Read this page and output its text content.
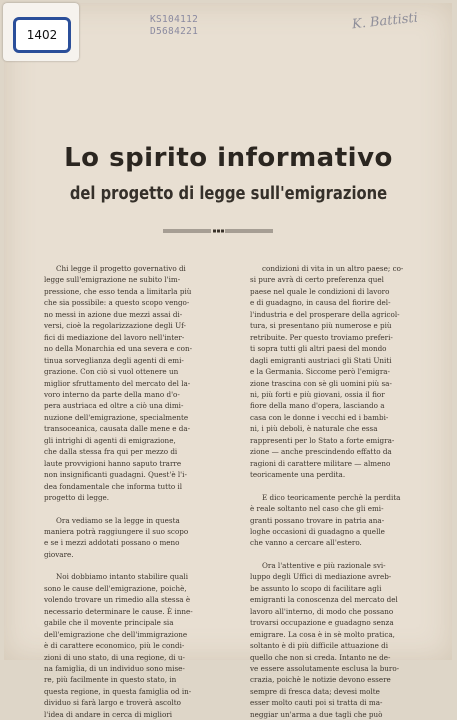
1402
KS104112
D5684221	K. Battisti
Lo spirito informativo
del progetto di legge sull'emigrazione

Chi legge il progetto governativo di
legge sull'emigrazione ne subito l'im-
pressione, che esso tenda a limitarla più
che sia possibile: a questo scopo vengo-
no messi in azione due mezzi assai di-
versi, cioè la regolarizzazione degli Uf-
fici di mediazione del lavoro nell'inter-
no della Monarchia ed una severa e con-
tinua sorveglianza degli agenti di emi-
grazione. Con ciò si vuol ottenere un
miglior sfruttamento del mercato del la-
voro interno da parte della mano d'o-
pera austriaca ed oltre a ciò una dimi-
nuzione dell'emigrazione, specialmente
transoceanica, causata dalle mene e da-
gli intrighi di agenti di emigrazione,
che dalla stessa fra qui per mezzo di
laute provvigioni hanno saputo trarre
non insignificanti guadagni. Quest'è l'i-
dea fondamentale che informa tutto il
progetto di legge.

Ora vediamo se la legge in questa
maniera potrà raggiungere il suo scopo
e se i mezzi addotati possano o meno
giovare.

Noi dobbiamo intanto stabilire quali
sono le cause dell'emigrazione, poichè,
volendo trovare un rimedio alla stessa è
necessario determinare le cause. È inne-
gabile che il movente principale sia
dell'emigrazione che dell'immigrazione
è di carattere economico, più le condi-
zioni di uno stato, di una regione, di u-
na famiglia, di un individuo sono mise-
re, più facilmente in questo stato, in
questa regione, in questa famiglia od in-
dividuo si farà largo e troverà ascolto
l'idea di andare in cerca di migliori

condizioni di vita in un altro paese; co-
si pure avrà di certo preferenza quel
paese nel quale le condizioni di lavoro
e di guadagno, in causa del fiorire del-
l'industria e del prosperare della agricol-
tura, si presentano più numerose e più
retribuite. Per questo troviamo preferi-
ti sopra tutti gli altri paesi del mondo
dagli emigranti austriaci gli Stati Uniti
e la Germania. Siccome però l'emigra-
zione trascina con sè gli uomini più sa-
ni, più forti e più giovani, ossia il fior
fiore della mano d'opera, lasciando a
casa con le donne i vecchi ed i bambi-
ni, i più deboli, è naturale che essa
rappresenti per lo Stato a forte emigra-
zione — anche prescindendo effatto da
ragioni di carattere militare — almeno
teoricamente una perdita.

E dico teoricamente perchè la perdita
è reale soltanto nel caso che gli emi-
granti possano trovare in patria ana-
loghe occasioni di guadagno a quelle
che vanno a cercare all'estero.

Ora l'attentive e più razionale svi-
luppo degli Uffici di mediazione avreb-
be assunto lo scopo di facilitare agli
emigranti la conoscenza del mercato del
lavoro all'interno, di modo che possano
trovarsi occupazione e guadagno senza
emigrare. La cosa è in sè molto pratica,
soltanto è di più difficile attuazione di
quello che non si creda. Intanto ne de-
ve essere assolutamente esclusa la buro-
crazia, poichè le notizie devono essere
sempre di fresca data; devesi molte
esser molto cauti poi si tratta di ma-
neggiar un'arma a due tagli che può
